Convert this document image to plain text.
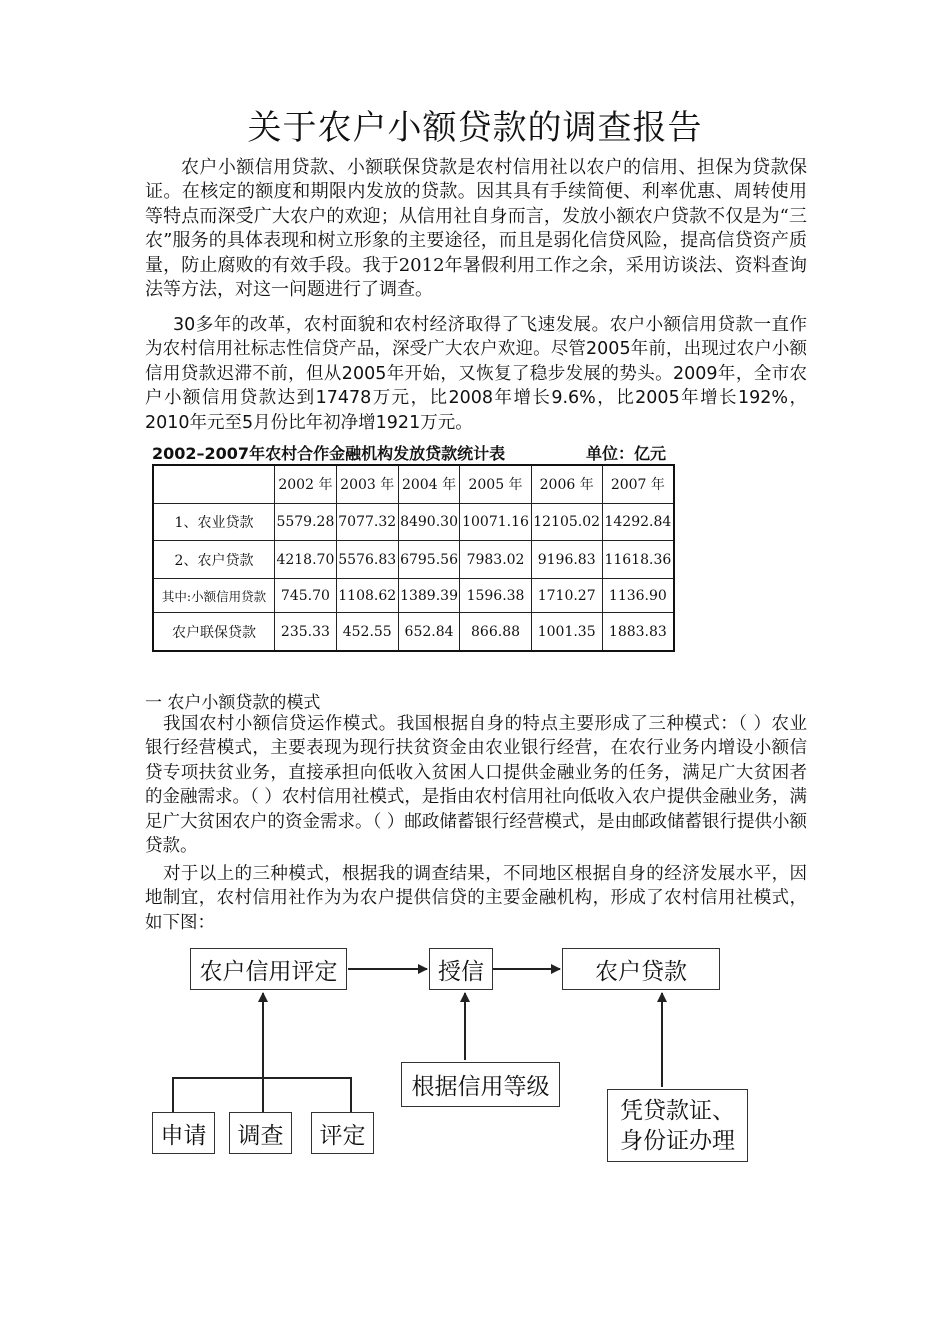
关于农户小额贷款的调查报告
农户小额信用贷款、小额联保贷款是农村信用社以农户的信用、担保为贷款保证。在核定的额度和期限内发放的贷款。因其具有手续简便、利率优惠、周转使用等特点而深受广大农户的欢迎；从信用社自身而言，发放小额农户贷款不仅是为“三农”服务的具体表现和树立形象的主要途径，而且是弱化信贷风险，提高信贷资产质量，防止腐败的有效手段。我于2012年暑假利用工作之余，采用访谈法、资料查询法等方法，对这一问题进行了调查。
30多年的改革，农村面貌和农村经济取得了飞速发展。农户小额信用贷款一直作为农村信用社标志性信贷产品，深受广大农户欢迎。尽管2005年前，出现过农户小额信用贷款迟滞不前，但从2005年开始，又恢复了稳步发展的势头。2009年，全市农户小额信用贷款达到17478万元，比2008年增长9.6%，比2005年增长192%，2010年元至5月份比年初净增1921万元。
2002–2007年农村合作金融机构发放贷款统计表	单位：亿元
	2002 年	2003 年	2004 年	2005 年	2006 年	2007 年
1、农业贷款	5579.28	7077.32	8490.30	10071.16	12105.02	14292.84
2、农户贷款	4218.70	5576.83	6795.56	7983.02	9196.83	11618.36
其中:小额信用贷款	745.70	1108.62	1389.39	1596.38	1710.27	1136.90
农户联保贷款	235.33	452.55	652.84	866.88	1001.35	1883.83
一 农户小额贷款的模式
我国农村小额信贷运作模式。我国根据自身的特点主要形成了三种模式：（ ）农业银行经营模式，主要表现为现行扶贫资金由农业银行经营，在农行业务内增设小额信贷专项扶贫业务，直接承担向低收入贫困人口提供金融业务的任务，满足广大贫困者的金融需求。（ ）农村信用社模式，是指由农村信用社向低收入农户提供金融业务，满足广大贫困农户的资金需求。（ ）邮政储蓄银行经营模式，是由邮政储蓄银行提供小额贷款。
对于以上的三种模式，根据我的调查结果，不同地区根据自身的经济发展水平，因地制宜，农村信用社作为为农户提供信贷的主要金融机构，形成了农村信用社模式，如下图：
农户信用评定	授信	农户贷款
根据信用等级
申请	调查	评定
凭贷款证、
身份证办理
